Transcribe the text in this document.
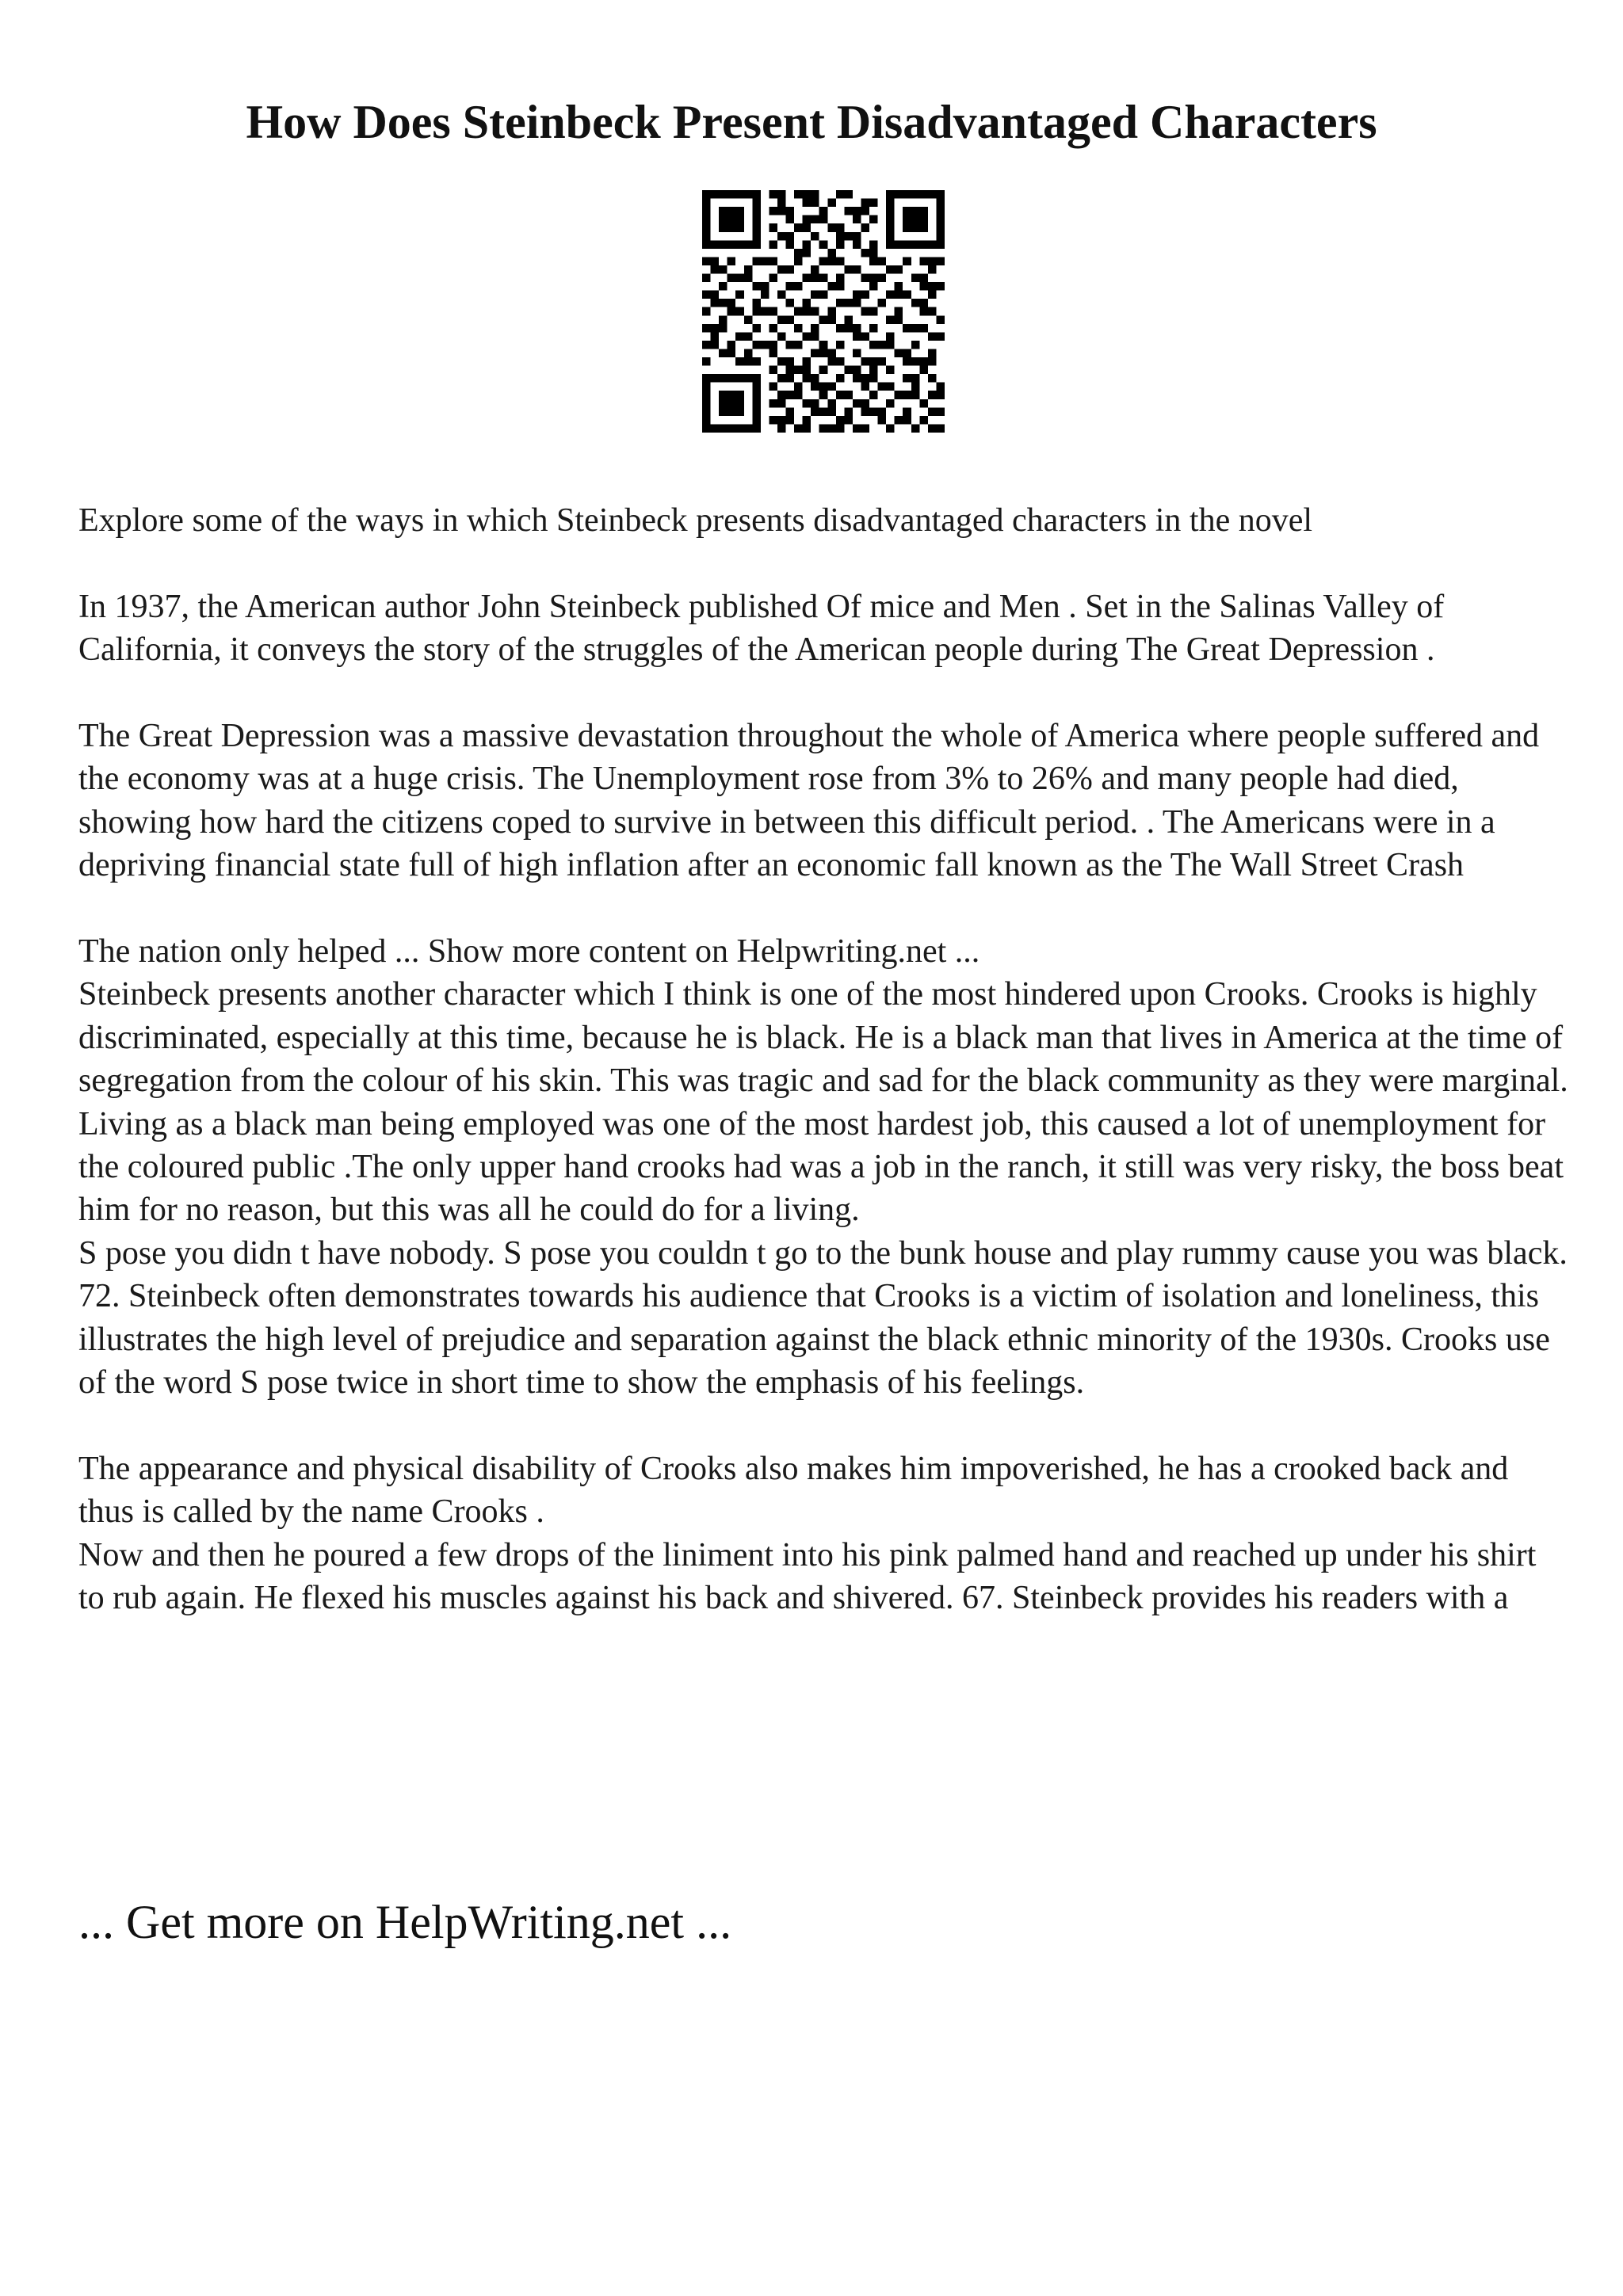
How Does Steinbeck Present Disadvantaged Characters

Explore some of the ways in which Steinbeck presents disadvantaged characters in the novel

In 1937, the American author John Steinbeck published Of mice and Men . Set in the Salinas Valley of California, it conveys the story of the struggles of the American people during The Great Depression .

The Great Depression was a massive devastation throughout the whole of America where people suffered and the economy was at a huge crisis. The Unemployment rose from 3% to 26% and many people had died, showing how hard the citizens coped to survive in between this difficult period. . The Americans were in a depriving financial state full of high inflation after an economic fall known as the The Wall Street Crash

The nation only helped ... Show more content on Helpwriting.net ...

Steinbeck presents another character which I think is one of the most hindered upon Crooks. Crooks is highly discriminated, especially at this time, because he is black. He is a black man that lives in America at the time of segregation from the colour of his skin. This was tragic and sad for the black community as they were marginal. Living as a black man being employed was one of the most hardest job, this caused a lot of unemployment for the coloured public .The only upper hand crooks had was a job in the ranch, it still was very risky, the boss beat him for no reason, but this was all he could do for a living.

S pose you didn t have nobody. S pose you couldn t go to the bunk house and play rummy cause you was black. 72. Steinbeck often demonstrates towards his audience that Crooks is a victim of isolation and loneliness, this illustrates the high level of prejudice and separation against the black ethnic minority of the 1930s. Crooks use of the word S pose twice in short time to show the emphasis of his feelings.

The appearance and physical disability of Crooks also makes him impoverished, he has a crooked back and thus is called by the name Crooks .

Now and then he poured a few drops of the liniment into his pink palmed hand and reached up under his shirt to rub again. He flexed his muscles against his back and shivered. 67. Steinbeck provides his readers with a

... Get more on HelpWriting.net ...
